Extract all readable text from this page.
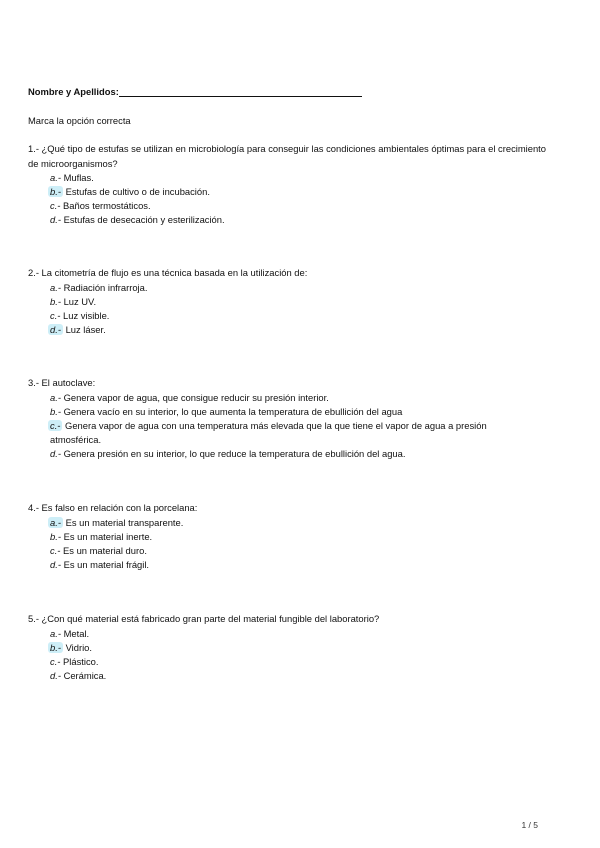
Nombre y Apellidos:
Marca la opción correcta
1.- ¿Qué tipo de estufas se utilizan en microbiología para conseguir las condiciones ambientales óptimas para el crecimiento de microorganismos?
a.- Muflas.
b.- Estufas de cultivo o de incubación.
c.- Baños termostáticos.
d.- Estufas de desecación y esterilización.
2.- La citometría de flujo es una técnica basada en la utilización de:
a.- Radiación infrarroja.
b.- Luz UV.
c.- Luz visible.
d.- Luz láser.
3.- El autoclave:
a.- Genera vapor de agua, que consigue reducir su presión interior.
b.- Genera vacío en su interior, lo que aumenta la temperatura de ebullición del agua
c.- Genera vapor de agua con una temperatura más elevada que la que tiene el vapor de agua a presión
atmosférica.
d.- Genera presión en su interior, lo que reduce la temperatura de ebullición del agua.
4.- Es falso en relación con la porcelana:
a.- Es un material transparente.
b.- Es un material inerte.
c.- Es un material duro.
d.- Es un material frágil.
5.- ¿Con qué material está fabricado gran parte del material fungible del laboratorio?
a.- Metal.
b.- Vidrio.
c.- Plástico.
d.- Cerámica.
1 / 5
